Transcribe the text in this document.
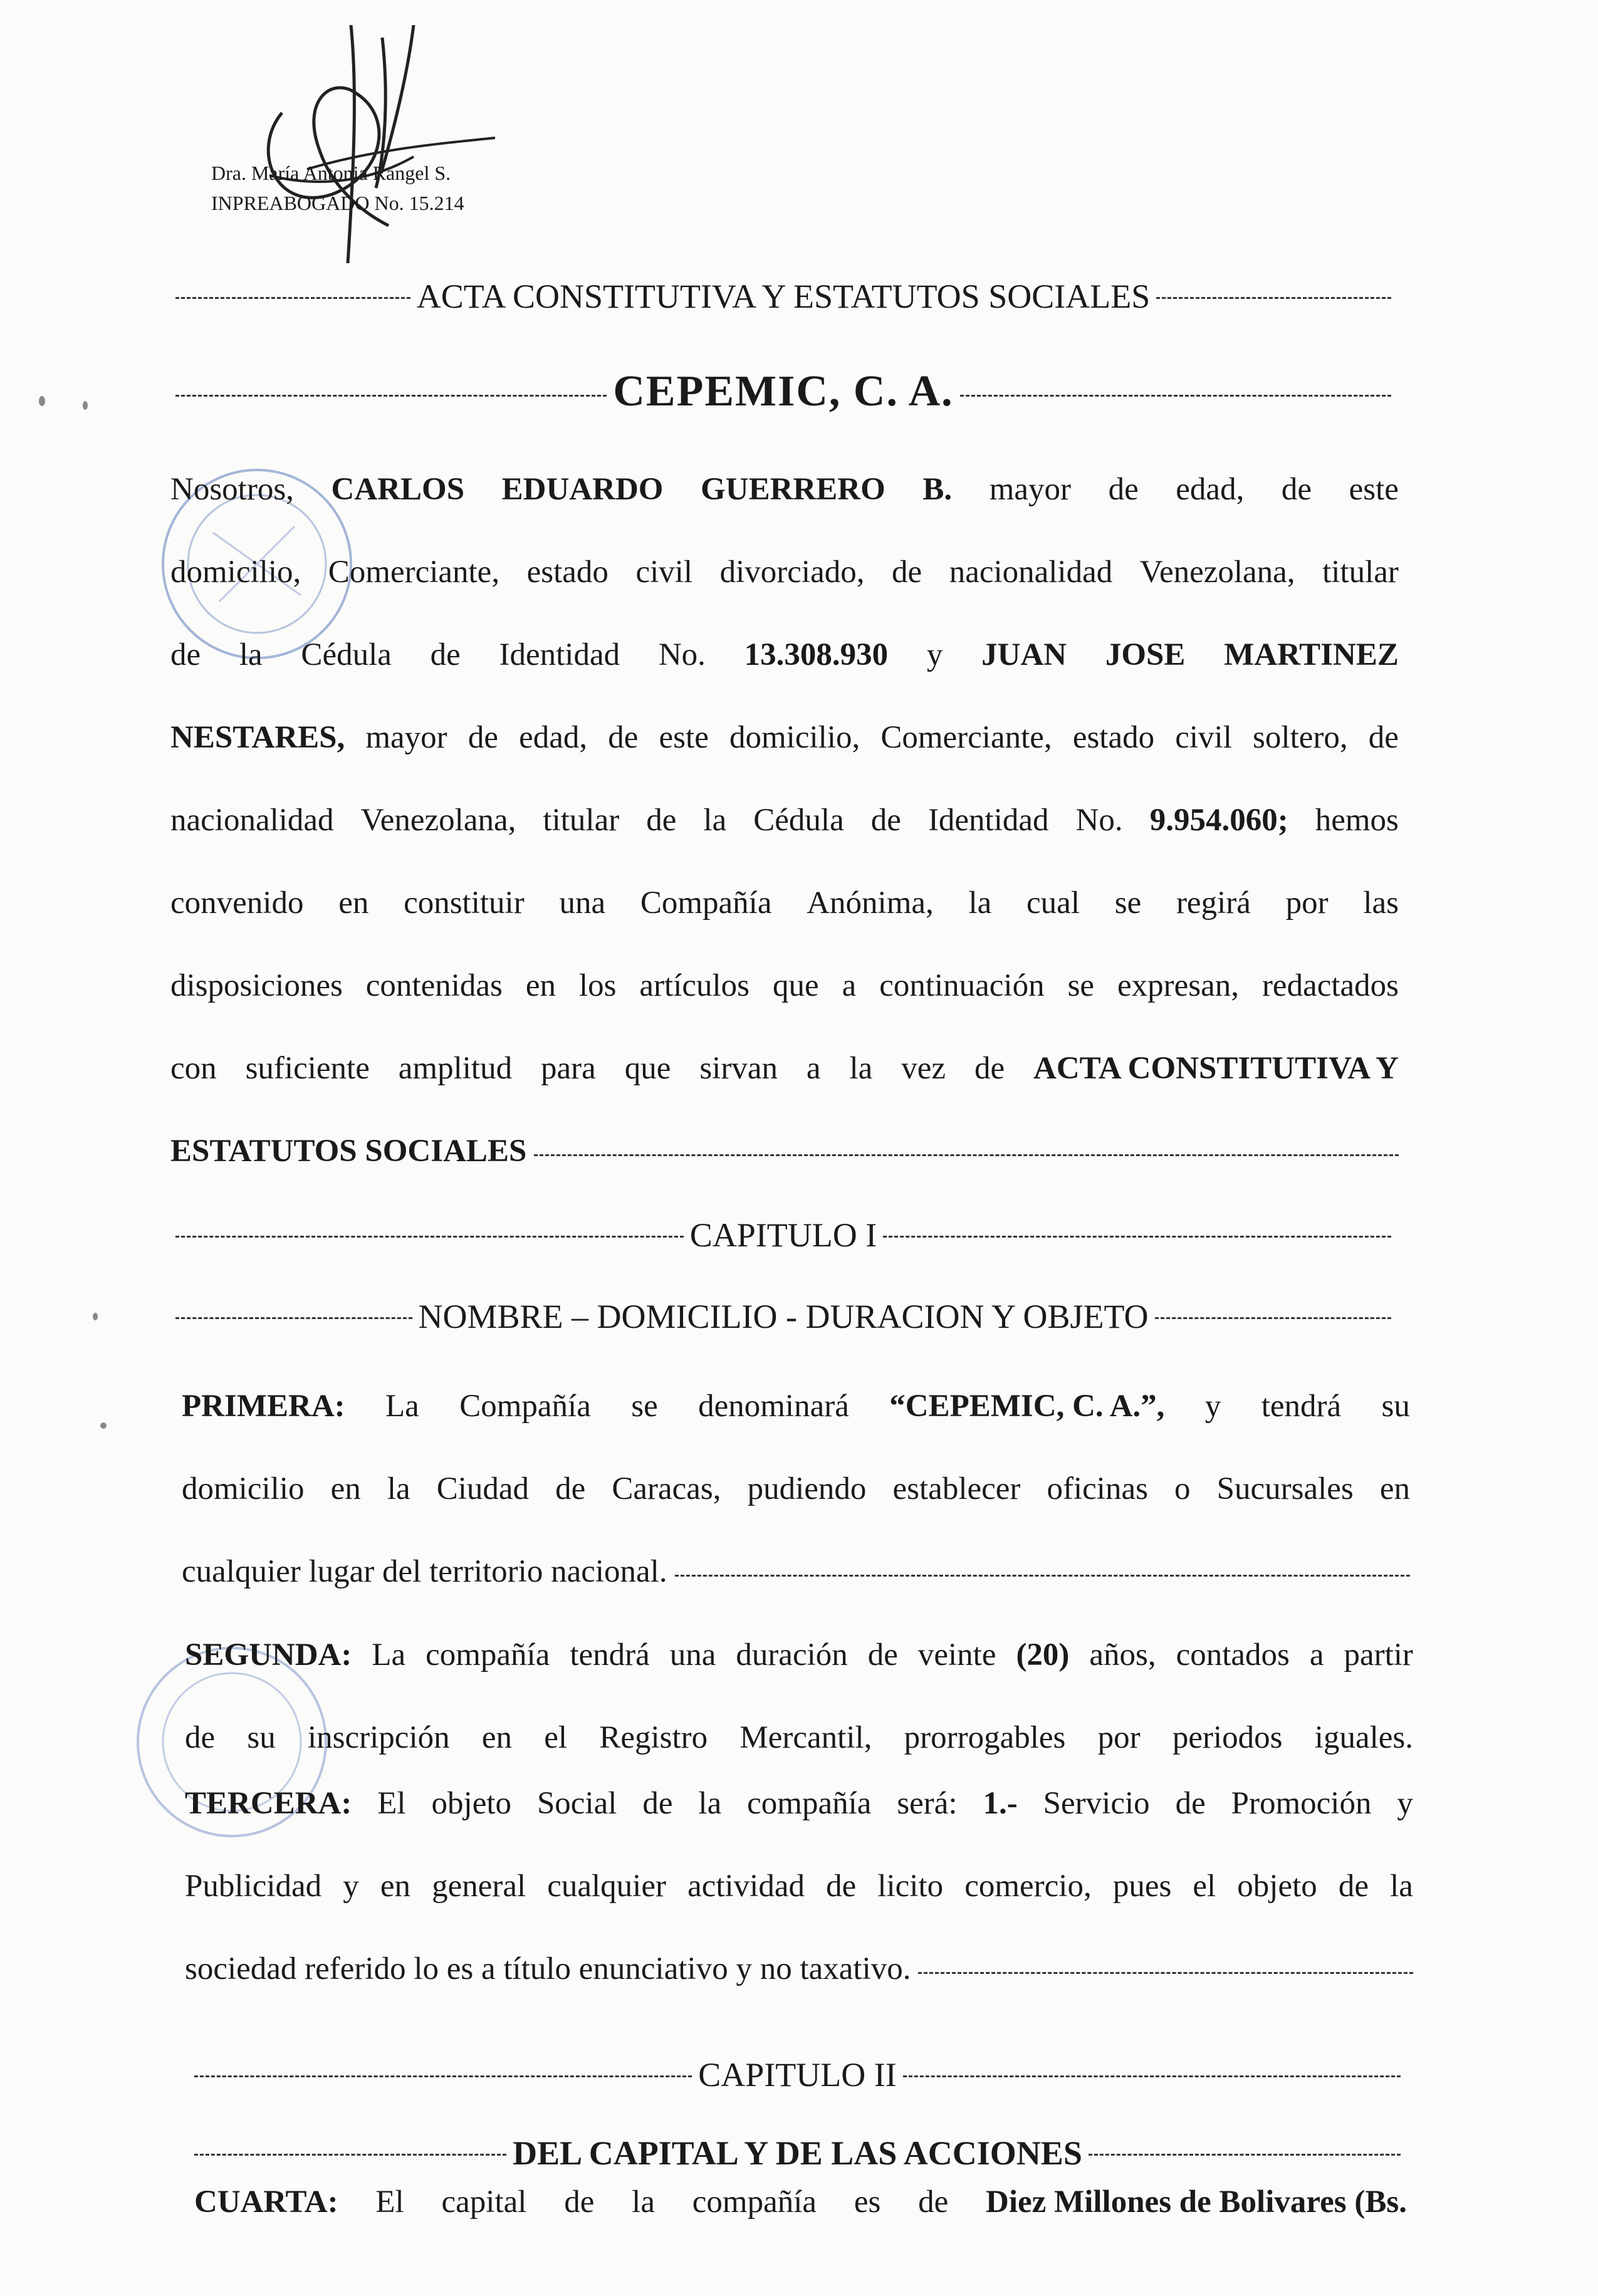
Dra. María Antonia Rangel S.
INPREABOGADO No. 15.214
ACTA CONSTITUTIVA Y ESTATUTOS SOCIALES
CEPEMIC, C. A.
Nosotros, CARLOS EDUARDO GUERRERO B. mayor de edad, de este
domicilio, Comerciante, estado civil divorciado, de nacionalidad Venezolana, titular
de la Cédula de Identidad No. 13.308.930 y JUAN JOSE MARTINEZ
NESTARES, mayor de edad, de este domicilio, Comerciante, estado civil soltero, de
nacionalidad Venezolana, titular de la Cédula de Identidad No. 9.954.060; hemos
convenido en constituir una Compañía Anónima, la cual se regirá por las
disposiciones contenidas en los artículos que a continuación se expresan, redactados
con suficiente amplitud para que sirvan a la vez de ACTA CONSTITUTIVA Y
ESTATUTOS SOCIALES
CAPITULO I
NOMBRE – DOMICILIO - DURACION Y OBJETO
PRIMERA: La Compañía se denominará “CEPEMIC, C. A.”, y tendrá su
domicilio en la Ciudad de Caracas, pudiendo establecer oficinas o Sucursales en
cualquier lugar del territorio nacional.
SEGUNDA: La compañía tendrá una duración de veinte (20) años, contados a partir
de su inscripción en el Registro Mercantil, prorrogables por periodos iguales.
TERCERA: El objeto Social de la compañía será: 1.- Servicio de Promoción y
Publicidad y en general cualquier actividad de licito comercio, pues el objeto de la
sociedad referido lo es a título enunciativo y no taxativo.
CAPITULO II
DEL CAPITAL Y DE LAS ACCIONES
CUARTA: El capital de la compañía es de Diez Millones de Bolivares (Bs.
